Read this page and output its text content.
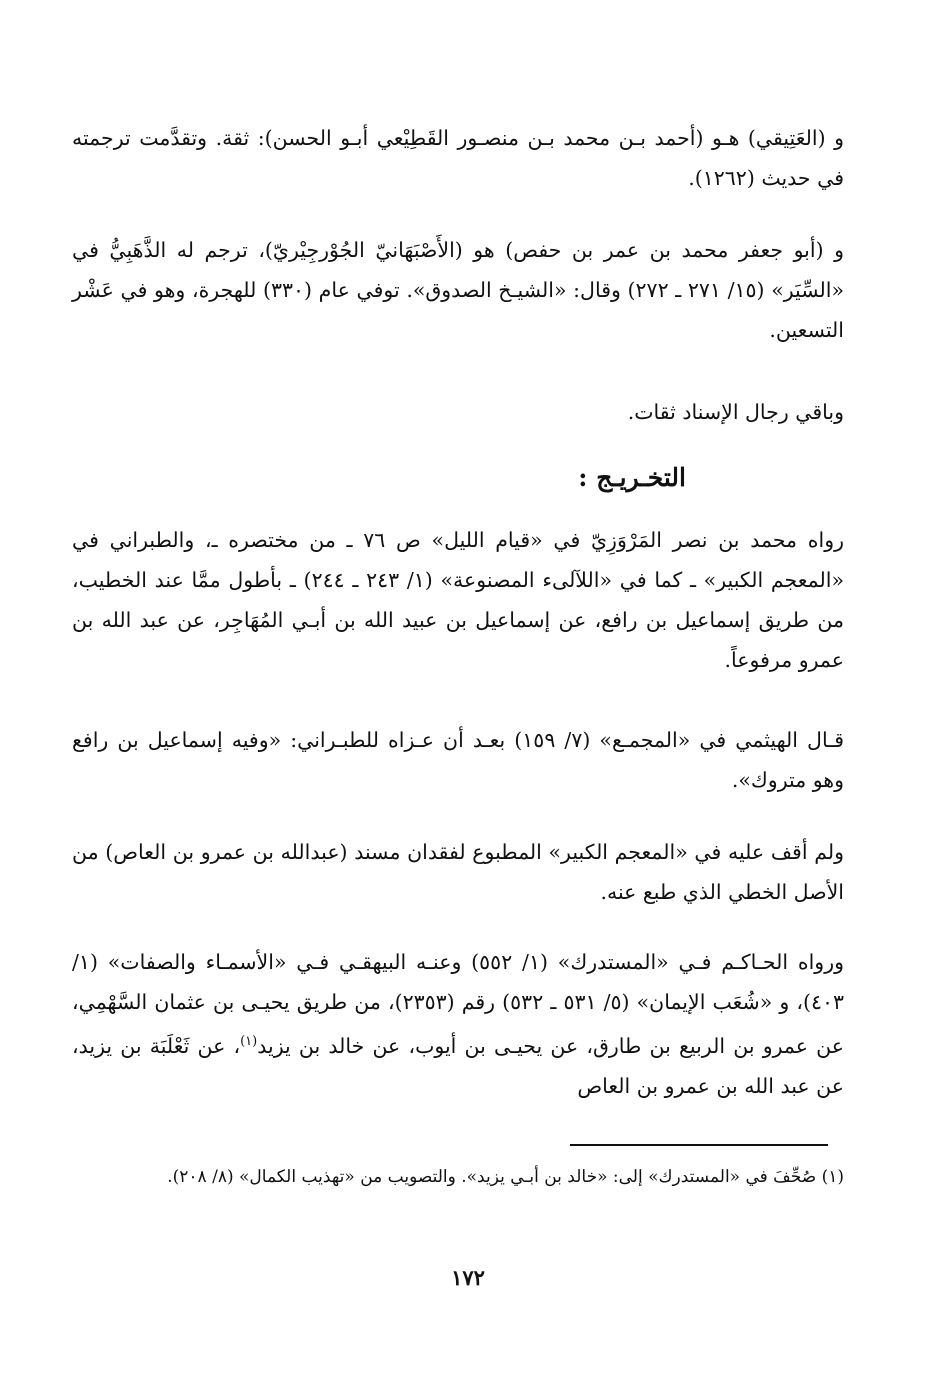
و (العَتِيقي) هـو (أحمد بـن محمد بـن منصـور القَطِيْعي أبـو الحسن): ثقة. وتقدَّمت ترجمته في حديث (١٢٦٢).

و (أبو جعفر محمد بن عمر بن حفص) هو (الأَصْبَهَانيّ الجُوْرجِيْريّ)، ترجم له الذَّهَبِيُّ في «السِّيَر» (١٥/ ٢٧١ ـ ٢٧٢) وقال: «الشيـخ الصدوق». توفي عام (٣٣٠) للهجرة، وهو في عَشْر التسعين.

وباقي رجال الإسناد ثقات.

التخـريـج :

رواه محمد بن نصر المَرْوَزِيّ في «قيام الليل» ص ٧٦ ـ من مختصره ـ، والطبراني في «المعجم الكبير» ـ كما في «اللآلىء المصنوعة» (١/ ٢٤٣ ـ ٢٤٤) ـ بأطول ممَّا عند الخطيب، من طريق إسماعيل بن رافع، عن إسماعيل بن عبيد الله بن أبـي المُهَاجِر، عن عبد الله بن عمرو مرفوعاً.

قـال الهيثمي في «المجمـع» (٧/ ١٥٩) بعـد أن عـزاه للطبـراني: «وفيه إسماعيل بن رافع وهو متروك».

ولم أقف عليه في «المعجم الكبير» المطبوع لفقدان مسند (عبدالله بن عمرو بن العاص) من الأصل الخطي الذي طبع عنه.

ورواه الحـاكـم فـي «المستدرك» (١/ ٥٥٢) وعنـه البيهقـي فـي «الأسمـاء والصفات» (١/ ٤٠٣)، و «شُعَب الإيمان» (٥/ ٥٣١ ـ ٥٣٢) رقم (٢٣٥٣)، من طريق يحيـى بن عثمان السَّهْمِي، عن عمرو بن الربيع بن طارق، عن يحيـى بن أيوب، عن خالد بن يزيد$^{(١)}$، عن ثَعْلَبَة بن يزيد، عن عبد الله بن عمرو بن العاص

(١) صُحِّفَ في «المستدرك» إلى: «خالد بن أبـي يزيد». والتصويب من «تهذيب الكمال» (٨/ ٢٠٨).

١٧٢
